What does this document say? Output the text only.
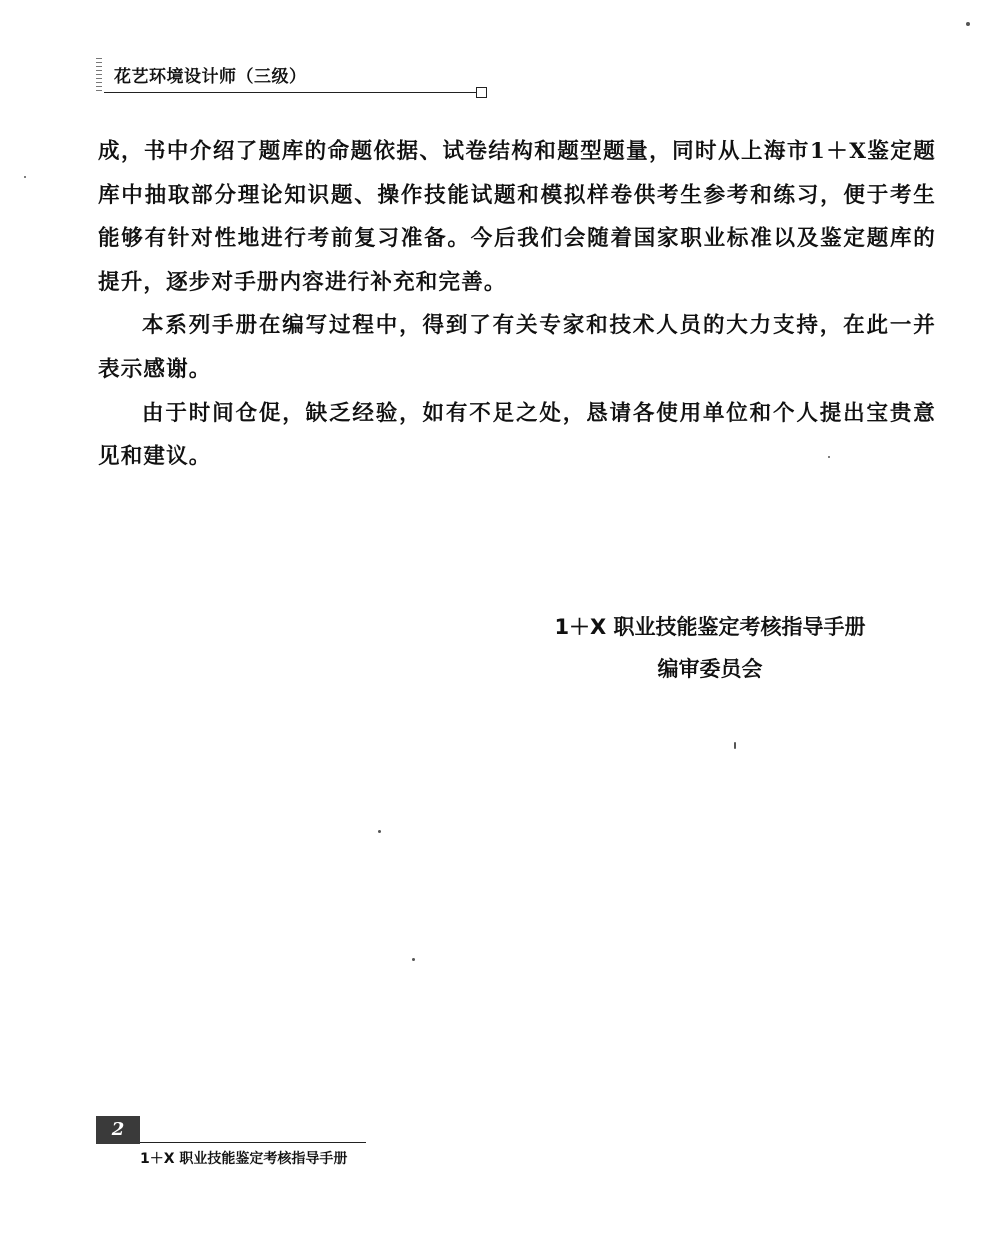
花艺环境设计师（三级）

成，书中介绍了题库的命题依据、试卷结构和题型题量，同时从上海市1＋X鉴定题库中抽取部分理论知识题、操作技能试题和模拟样卷供考生参考和练习，便于考生能够有针对性地进行考前复习准备。今后我们会随着国家职业标准以及鉴定题库的提升，逐步对手册内容进行补充和完善。

本系列手册在编写过程中，得到了有关专家和技术人员的大力支持，在此一并表示感谢。

由于时间仓促，缺乏经验，如有不足之处，恳请各使用单位和个人提出宝贵意见和建议。

1＋X 职业技能鉴定考核指导手册
编审委员会
2
1＋X 职业技能鉴定考核指导手册
